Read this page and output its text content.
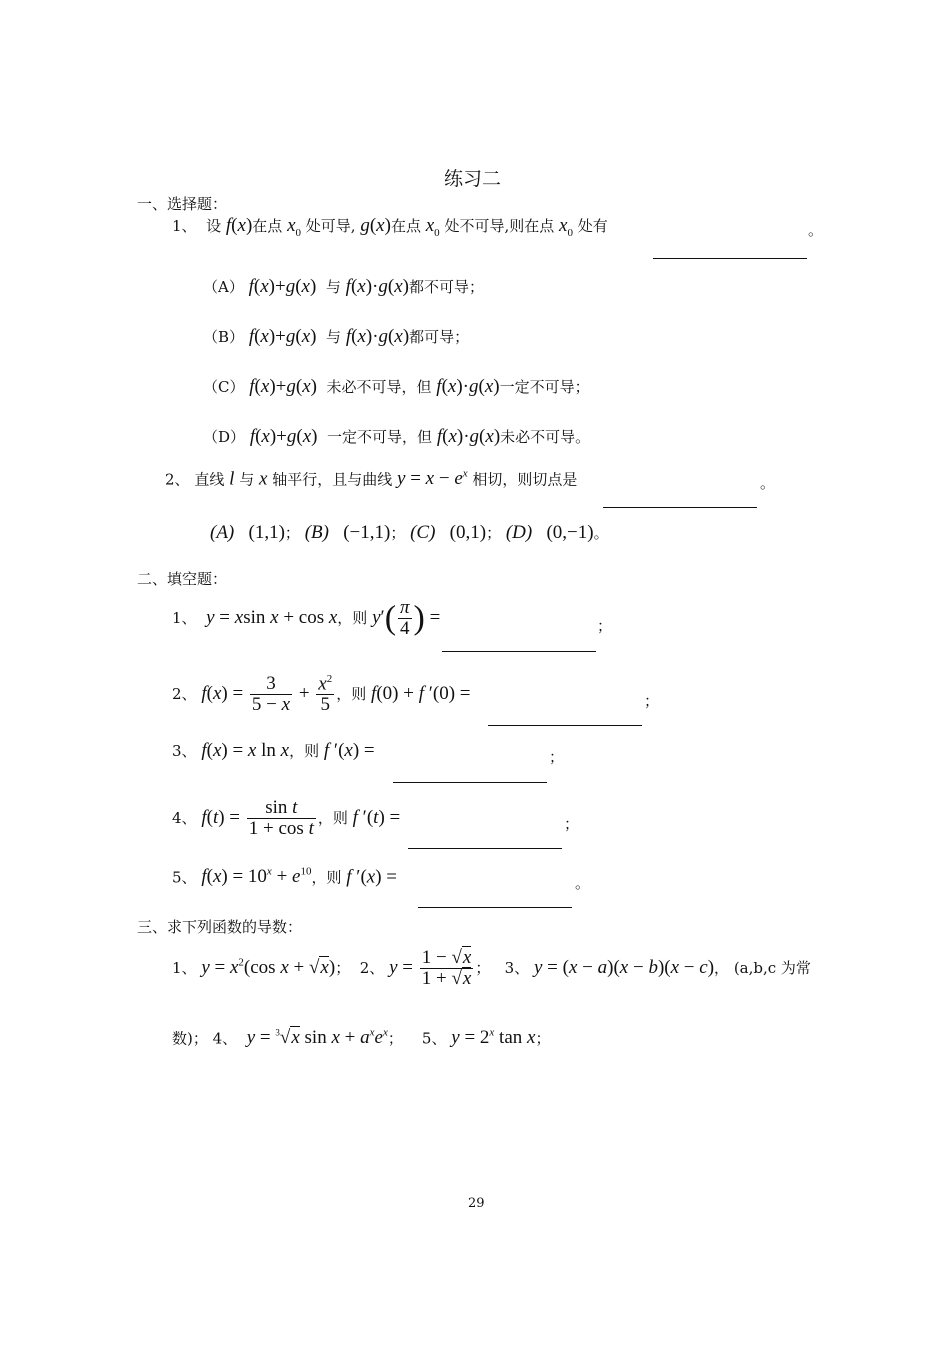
练习二
一、选择题：
1、 设 f(x)在点 $x_0$ 处可导, g(x)在点 $x_0$ 处不可导,则在点 $x_0$ 处有	。
（A） f(x)+g(x) 与 f(x)·g(x)都不可导；
（B） f(x)+g(x) 与 f(x)·g(x)都可导；
（C） f(x)+g(x) 未必不可导，但 f(x)·g(x)一定不可导；
（D） f(x)+g(x) 一定不可导，但 f(x)·g(x)未必不可导。
2、 直线 l 与 x 轴平行，且与曲线 $y = x - e^x$ 相切，则切点是	。
(A) (1,1)； (B) (−1,1)； (C) (0,1)； (D) (0,−1)。
二、填空题：
1、 y = xsin x + cos x，则 $y'( \frac{\pi}{4}$ ) =	；
2、 $f(x) = \frac{3}{5 - x} + \frac{x^2}{5}$ ，则 f(0) + f ′(0) =	；
3、 f(x) = x ln x，则 f ′(x) =	；
4、 $f(t) = \frac{\text{sin t}}{\text{1 + cos t}}$ ，则 f ′(t) =	；
5、 $f(x) = 10^x + e^{10}$，则 f ′(x) =	。
三、求下列函数的导数：
1、 $y = x^2(\cos$ x + √x)； 2、 $y = \frac{1 - √x}{1 + √x}$ ； 3、 y = (x − a)(x − b)(x − c)， (a,b,c 为常
数)； 4、 y = $^3$√x $\sin x + a^xe^x$； 5、 $y = 2^x$ tan x；
29
